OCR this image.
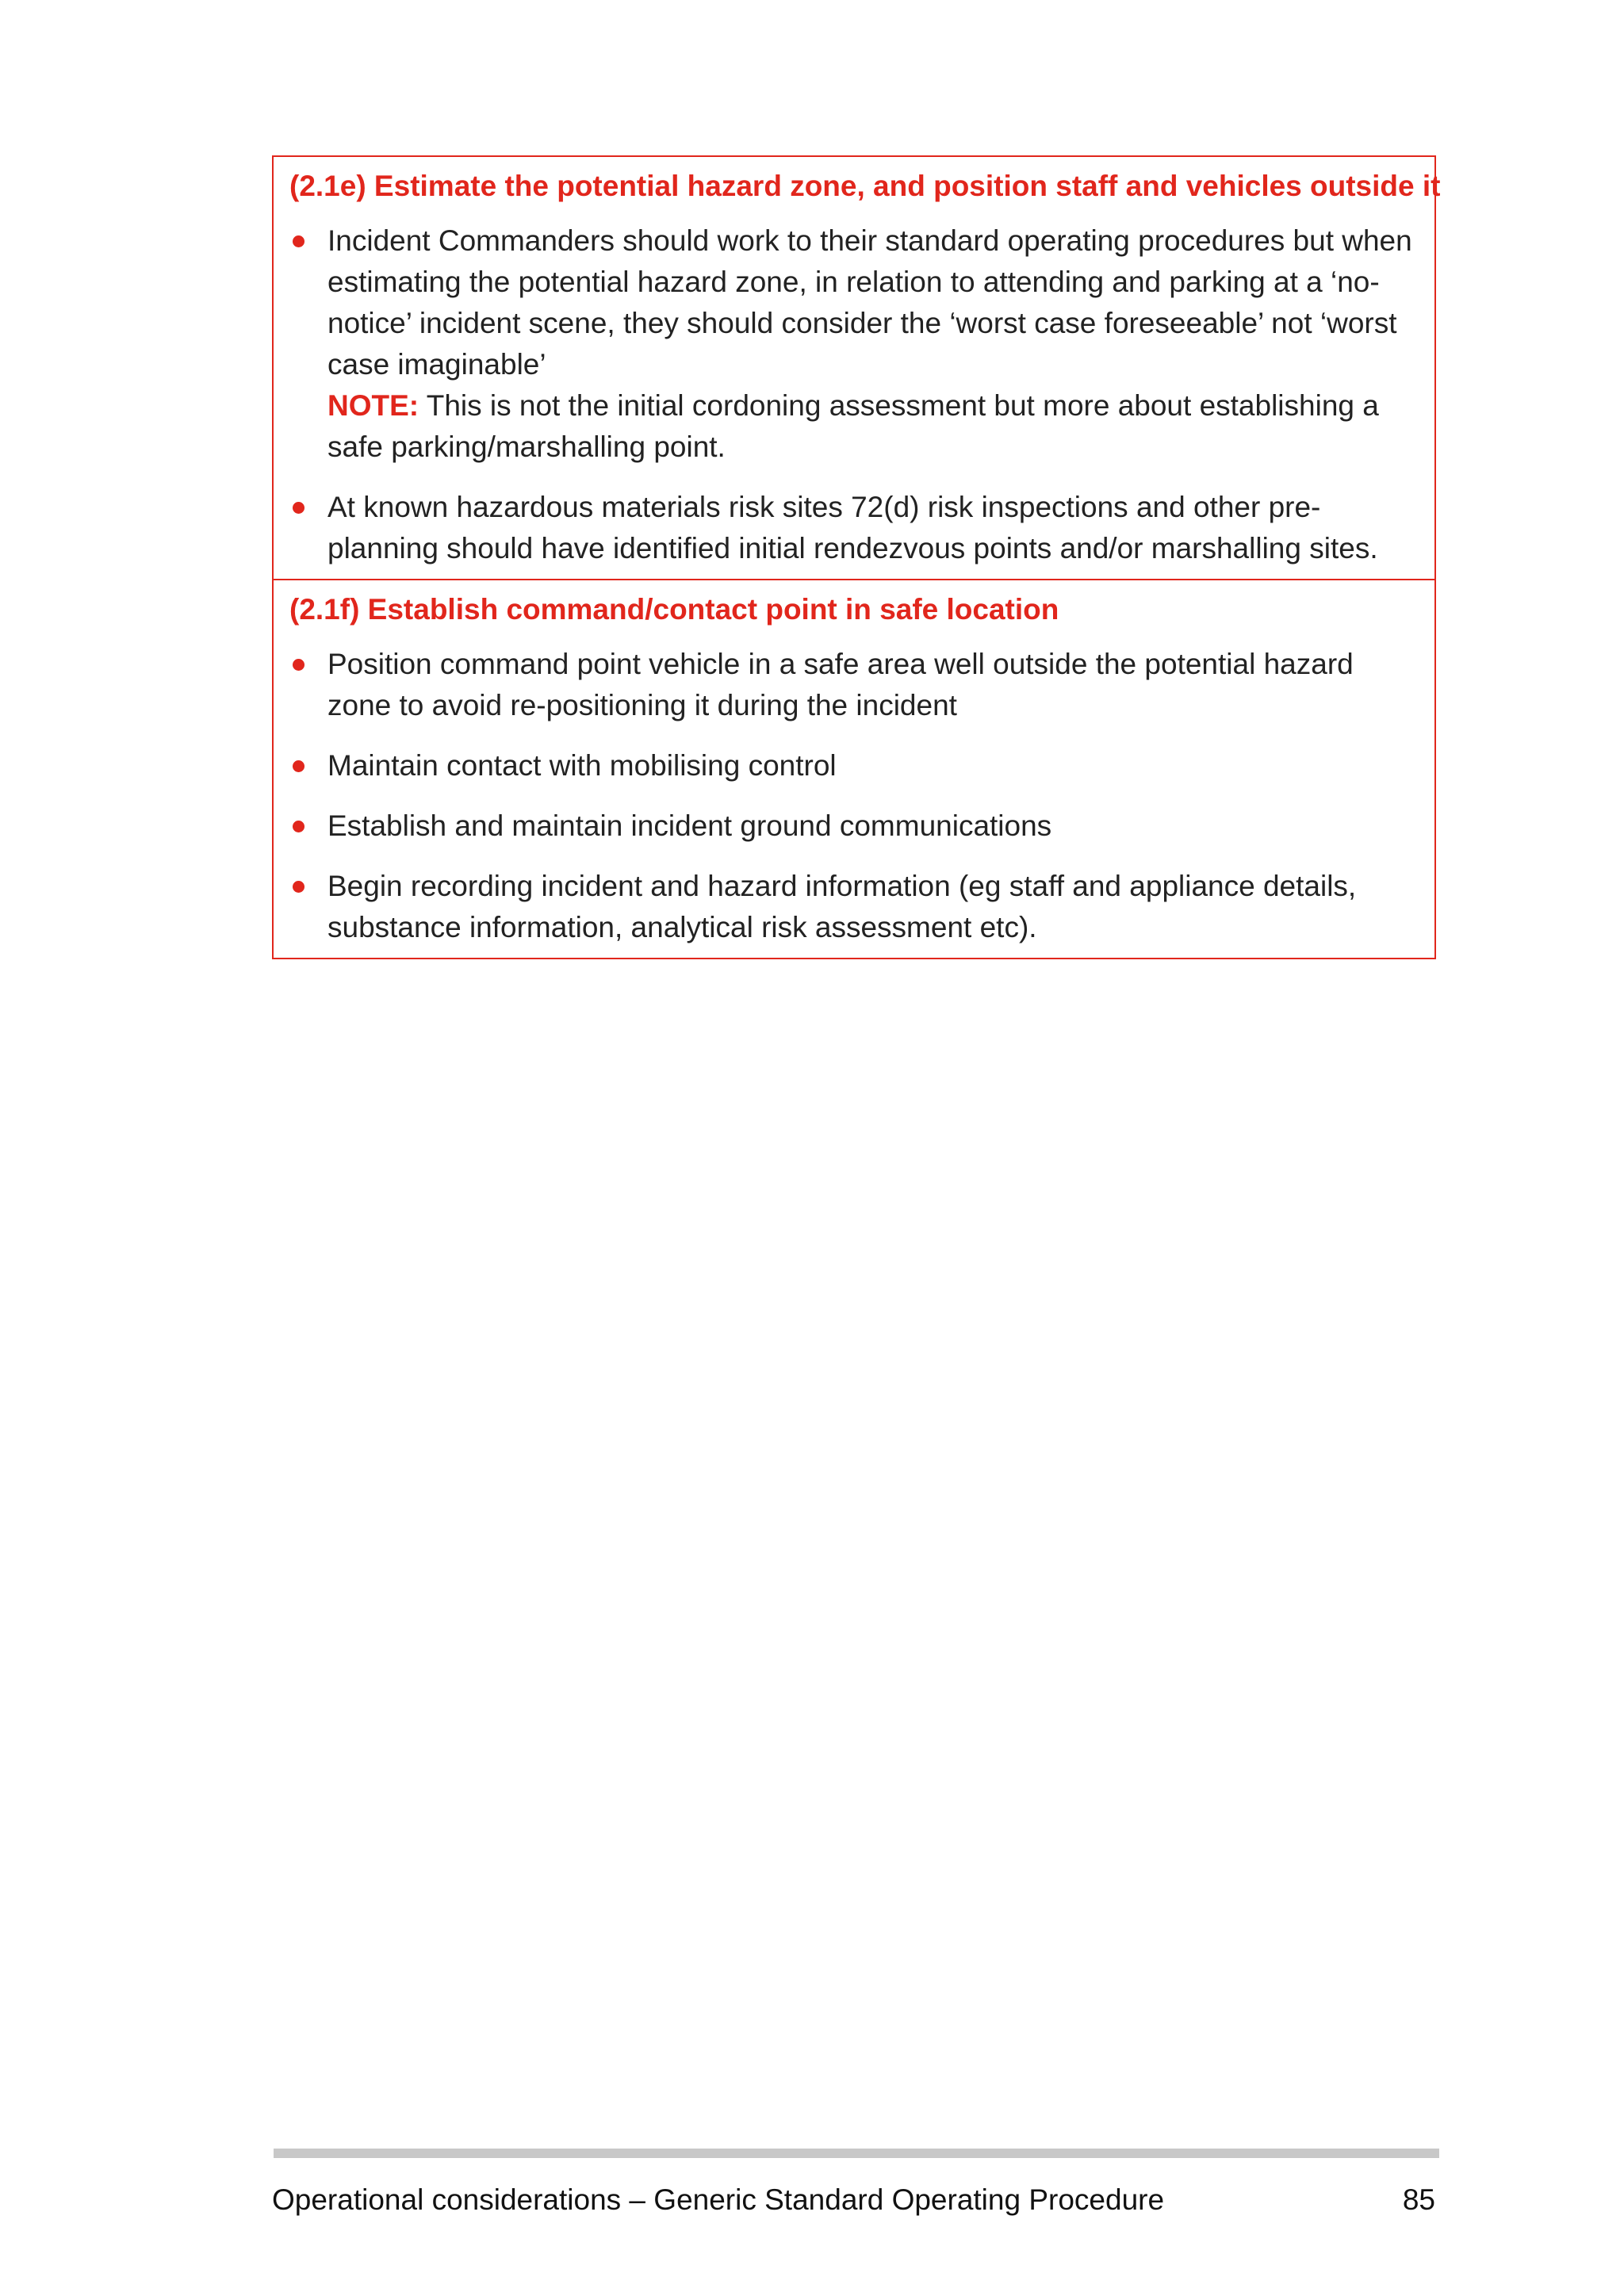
(2.1e) Estimate the potential hazard zone, and position staff and vehicles outside it
Incident Commanders should work to their standard operating procedures but when estimating the potential hazard zone, in relation to attending and parking at a ‘no-notice’ incident scene, they should consider the ‘worst case foreseeable’ not ‘worst case imaginable’
NOTE: This is not the initial cordoning assessment but more about establishing a safe parking/marshalling point.
At known hazardous materials risk sites 72(d) risk inspections and other pre-planning should have identified initial rendezvous points and/or marshalling sites.
(2.1f) Establish command/contact point in safe location
Position command point vehicle in a safe area well outside the potential hazard zone to avoid re-positioning it during the incident
Maintain contact with mobilising control
Establish and maintain incident ground communications
Begin recording incident and hazard information (eg staff and appliance details, substance information, analytical risk assessment etc).
Operational considerations – Generic Standard Operating Procedure	85
